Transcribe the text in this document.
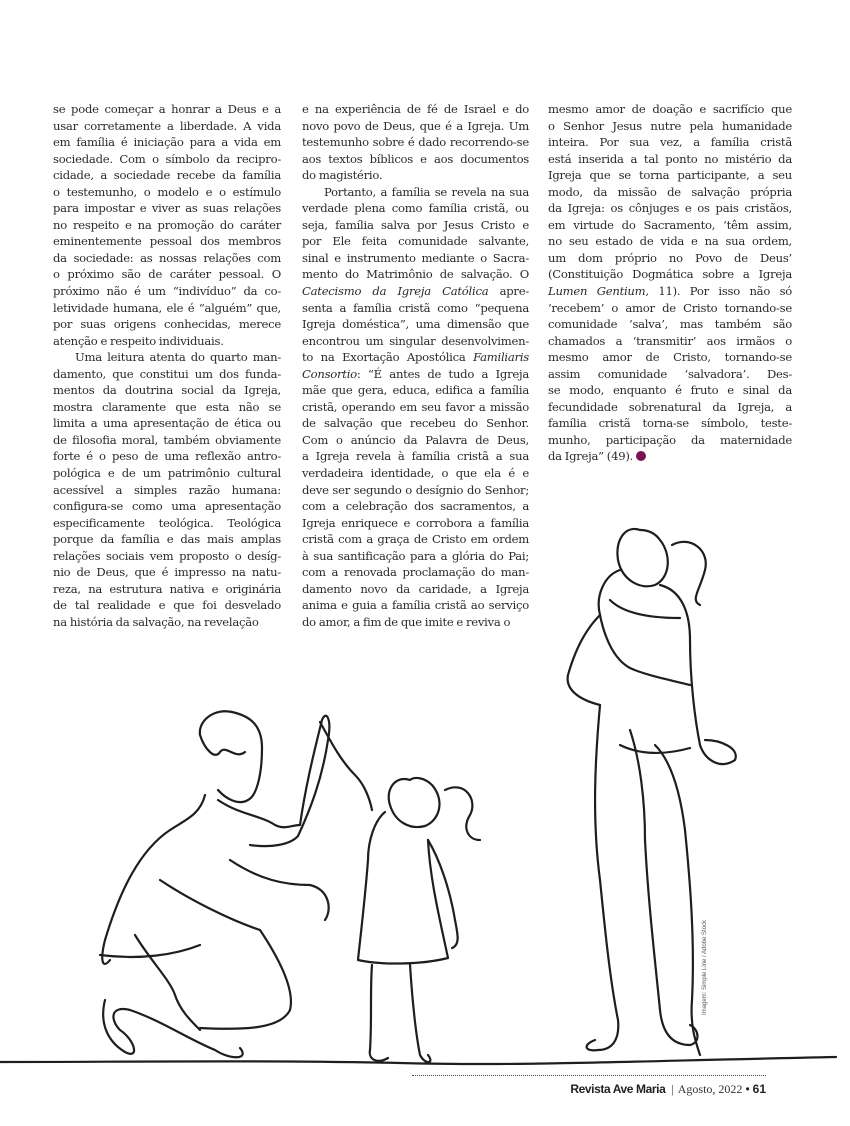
se pode começar a honrar a Deus e a
usar corretamente a liberdade. A vida
em família é iniciação para a vida em
sociedade. Com o símbolo da recipro-
cidade, a sociedade recebe da família
o testemunho, o modelo e o estímulo
para impostar e viver as suas relações
no respeito e na promoção do caráter
eminentemente pessoal dos membros
da sociedade: as nossas relações com
o próximo são de caráter pessoal. O
próximo não é um “indivíduo” da co-
letividade humana, ele é “alguém” que,
por suas origens conhecidas, merece
atenção e respeito individuais.

Uma leitura atenta do quarto man-
damento, que constitui um dos funda-
mentos da doutrina social da Igreja,
mostra claramente que esta não se
limita a uma apresentação de ética ou
de filosofia moral, também obviamente
forte é o peso de uma reflexão antro-
pológica e de um patrimônio cultural
acessível a simples razão humana:
configura-se como uma apresentação
especificamente teológica. Teológica
porque da família e das mais amplas
relações sociais vem proposto o desíg-
nio de Deus, que é impresso na natu-
reza, na estrutura nativa e originária
de tal realidade e que foi desvelado
na história da salvação, na revelação

e na experiência de fé de Israel e do
novo povo de Deus, que é a Igreja. Um
testemunho sobre é dado recorrendo-se
aos textos bíblicos e aos documentos
do magistério.

Portanto, a família se revela na sua
verdade plena como família cristã, ou
seja, família salva por Jesus Cristo e
por Ele feita comunidade salvante,
sinal e instrumento mediante o Sacra-
mento do Matrimônio de salvação. O
Catecismo da Igreja Católica apre-
senta a família cristã como “pequena
Igreja doméstica”, uma dimensão que
encontrou um singular desenvolvimen-
to na Exortação Apostólica Familiaris
Consortio: “É antes de tudo a Igreja
mãe que gera, educa, edifica a família
cristã, operando em seu favor a missão
de salvação que recebeu do Senhor.
Com o anúncio da Palavra de Deus,
a Igreja revela à família cristã a sua
verdadeira identidade, o que ela é e
deve ser segundo o desígnio do Senhor;
com a celebração dos sacramentos, a
Igreja enriquece e corrobora a família
cristã com a graça de Cristo em ordem
à sua santificação para a glória do Pai;
com a renovada proclamação do man-
damento novo da caridade, a Igreja
anima e guia a família cristã ao serviço
do amor, a fim de que imite e reviva o

mesmo amor de doação e sacrifício que
o Senhor Jesus nutre pela humanidade
inteira. Por sua vez, a família cristã
está inserida a tal ponto no mistério da
Igreja que se torna participante, a seu
modo, da missão de salvação própria
da Igreja: os cônjuges e os pais cristãos,
em virtude do Sacramento, ‘têm assim,
no seu estado de vida e na sua ordem,
um dom próprio no Povo de Deus’
(Constituição Dogmática sobre a Igreja
Lumen Gentium, 11). Por isso não só
‘recebem’ o amor de Cristo tornando-se
comunidade ‘salva’, mas também são
chamados a ‘transmitir’ aos irmãos o
mesmo amor de Cristo, tornando-se
assim comunidade ‘salvadora’. Des-
se modo, enquanto é fruto e sinal da
fecundidade sobrenatural da Igreja, a
família cristã torna-se símbolo, teste-
munho, participação da maternidade
da Igreja” (49).

Imagem: Simple Line / Adobe Stock
Revista Ave Maria | Agosto, 2022 • 61
